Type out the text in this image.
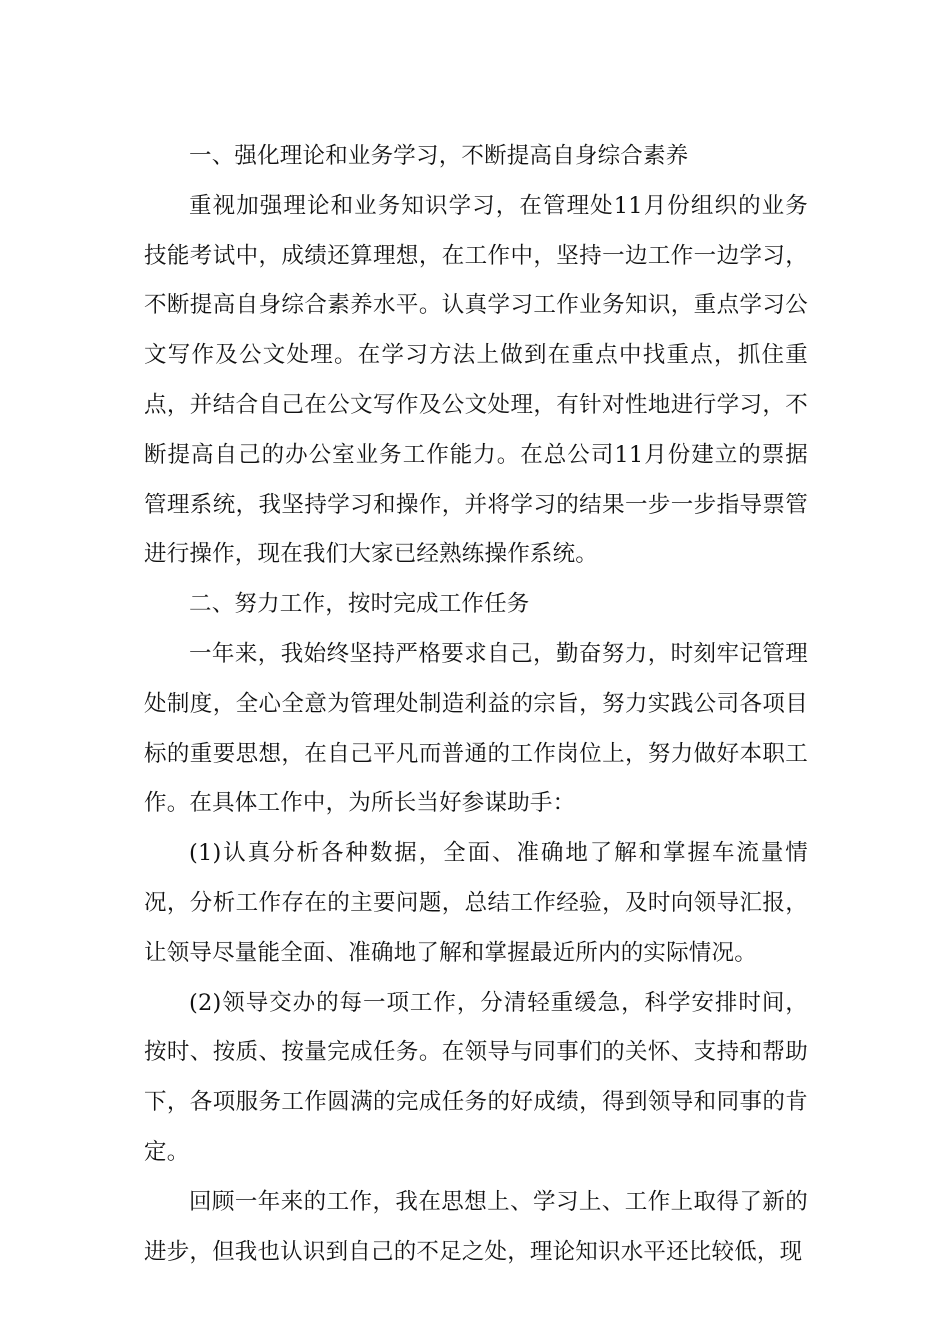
一、强化理论和业务学习，不断提高自身综合素养

重视加强理论和业务知识学习，在管理处11月份组织的业务技能考试中，成绩还算理想，在工作中，坚持一边工作一边学习，不断提高自身综合素养水平。认真学习工作业务知识，重点学习公文写作及公文处理。在学习方法上做到在重点中找重点，抓住重点，并结合自己在公文写作及公文处理，有针对性地进行学习，不断提高自己的办公室业务工作能力。在总公司11月份建立的票据管理系统，我坚持学习和操作，并将学习的结果一步一步指导票管进行操作，现在我们大家已经熟练操作系统。

二、努力工作，按时完成工作任务

一年来，我始终坚持严格要求自己，勤奋努力，时刻牢记管理处制度，全心全意为管理处制造利益的宗旨，努力实践公司各项目标的重要思想，在自己平凡而普通的工作岗位上，努力做好本职工作。在具体工作中，为所长当好参谋助手：

(1)认真分析各种数据，全面、准确地了解和掌握车流量情况，分析工作存在的主要问题，总结工作经验，及时向领导汇报，让领导尽量能全面、准确地了解和掌握最近所内的实际情况。

(2)领导交办的每一项工作，分清轻重缓急，科学安排时间，按时、按质、按量完成任务。在领导与同事们的关怀、支持和帮助下，各项服务工作圆满的完成任务的好成绩，得到领导和同事的肯定。

回顾一年来的工作，我在思想上、学习上、工作上取得了新的进步，但我也认识到自己的不足之处，理论知识水平还比较低，现
